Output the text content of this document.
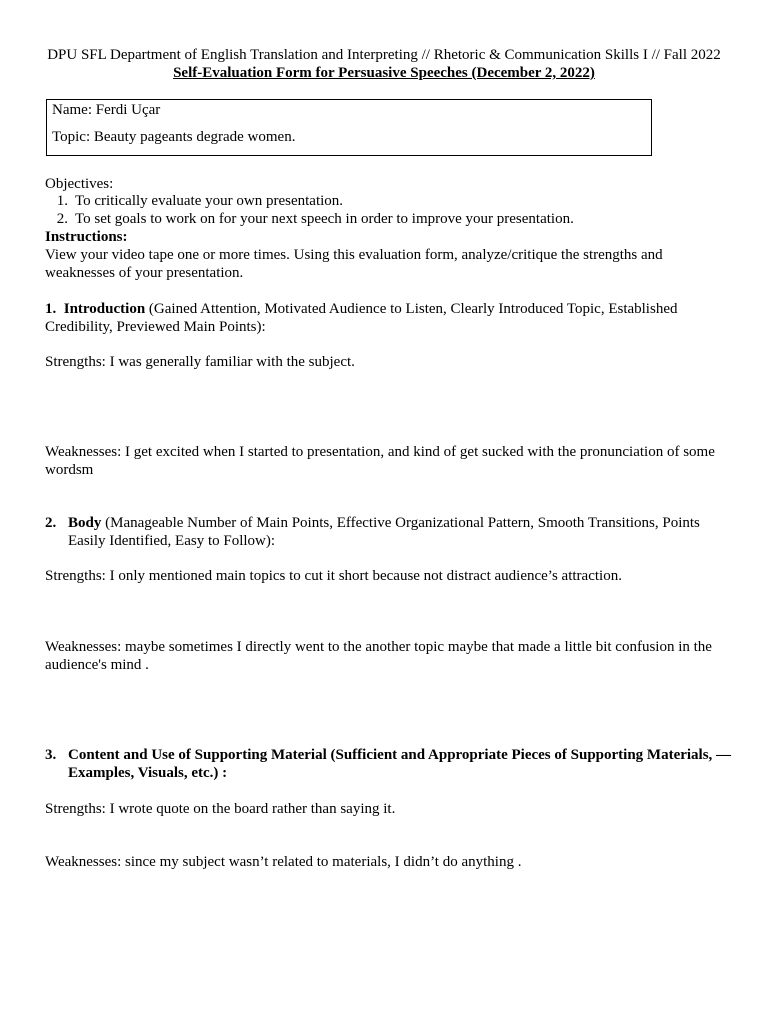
DPU SFL Department of English Translation and Interpreting // Rhetoric & Communication Skills I // Fall 2022
Self-Evaluation Form for Persuasive Speeches (December 2, 2022)
Name: Ferdi Uçar
Topic: Beauty pageants degrade women.
Objectives:
1. To critically evaluate your own presentation.
2. To set goals to work on for your next speech in order to improve your presentation.
Instructions:
View your video tape one or more times. Using this evaluation form, analyze/critique the strengths and weaknesses of your presentation.
1. Introduction (Gained Attention, Motivated Audience to Listen, Clearly Introduced Topic, Established Credibility, Previewed Main Points):
Strengths: I was generally familiar with the subject.
Weaknesses: I get excited when I started to presentation, and kind of get sucked with the pronunciation of some wordsm
2. Body (Manageable Number of Main Points, Effective Organizational Pattern, Smooth Transitions, Points Easily Identified, Easy to Follow):
Strengths: I only mentioned main topics to cut it short because not distract audience’s attraction.
Weaknesses: maybe sometimes I directly went to the another topic maybe that made a little bit confusion in the audience's mind .
3. Content and Use of Supporting Material (Sufficient and Appropriate Pieces of Supporting Materials, — Examples, Visuals, etc.) :
Strengths: I wrote quote on the board rather than saying it.
Weaknesses: since my subject wasn’t related to materials, I didn’t do anything .
